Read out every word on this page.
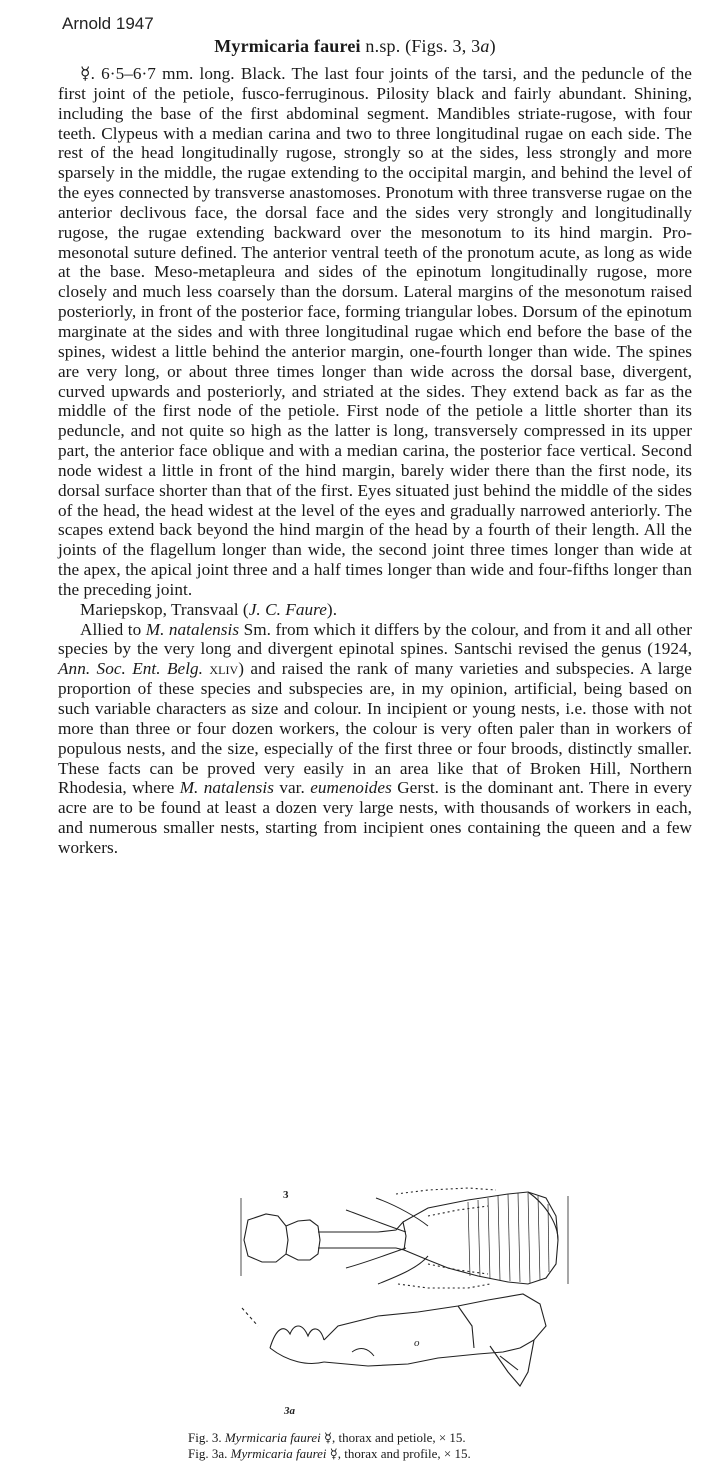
Arnold 1947
Myrmicaria faurei n.sp. (Figs. 3, 3a)

☿. 6·5–6·7 mm. long. Black. The last four joints of the tarsi, and the peduncle of the first joint of the petiole, fusco-ferruginous. Pilosity black and fairly abundant. Shining, including the base of the first abdominal segment. Mandibles striate-rugose, with four teeth. Clypeus with a median carina and two to three longitudinal rugae on each side. The rest of the head longitudinally rugose, strongly so at the sides, less strongly and more sparsely in the middle, the rugae extending to the occipital margin, and behind the level of the eyes connected by transverse anastomoses. Pronotum with three transverse rugae on the anterior declivous face, the dorsal face and the sides very strongly and longitudinally rugose, the rugae extending backward over the mesonotum to its hind margin. Pro-mesonotal suture defined. The anterior ventral teeth of the pronotum acute, as long as wide at the base. Meso-metapleura and sides of the epinotum longitudinally rugose, more closely and much less coarsely than the dorsum. Lateral margins of the mesonotum raised posteriorly, in front of the posterior face, forming triangular lobes. Dorsum of the epinotum marginate at the sides and with three longitudinal rugae which end before the base of the spines, widest a little behind the anterior margin, one-fourth longer than wide. The spines are very long, or about three times longer than wide across the dorsal base, divergent, curved upwards and posteriorly, and striated at the sides. They extend back as far as the middle of the first node of the petiole. First node of the petiole a little shorter than its peduncle, and not quite so high as the latter is long, transversely compressed in its upper part, the anterior face oblique and with a median carina, the posterior face vertical. Second node widest a little in front of the hind margin, barely wider there than the first node, its dorsal surface shorter than that of the first. Eyes situated just behind the middle of the sides of the head, the head widest at the level of the eyes and gradually narrowed anteriorly. The scapes extend back beyond the hind margin of the head by a fourth of their length. All the joints of the flagellum longer than wide, the second joint three times longer than wide at the apex, the apical joint three and a half times longer than wide and four-fifths longer than the preceding joint.

Mariepskop, Transvaal (J. C. Faure).

Allied to M. natalensis Sm. from which it differs by the colour, and from it and all other species by the very long and divergent epinotal spines. Santschi revised the genus (1924, Ann. Soc. Ent. Belg. xliv) and raised the rank of many varieties and subspecies. A large proportion of these species and subspecies are, in my opinion, artificial, being based on such variable characters as size and colour. In incipient or young nests, i.e. those with not more than three or four dozen workers, the colour is very often paler than in workers of populous nests, and the size, especially of the first three or four broods, distinctly smaller. These facts can be proved very easily in an area like that of Broken Hill, Northern Rhodesia, where M. natalensis var. eumenoides Gerst. is the dominant ant. There in every acre are to be found at least a dozen very large nests, with thousands of workers in each, and numerous smaller nests, starting from incipient ones containing the queen and a few workers.

3
o
3a
Fig. 3. Myrmicaria faurei ☿, thorax and petiole, × 15.
Fig. 3a. Myrmicaria faurei ☿, thorax and profile, × 15.
